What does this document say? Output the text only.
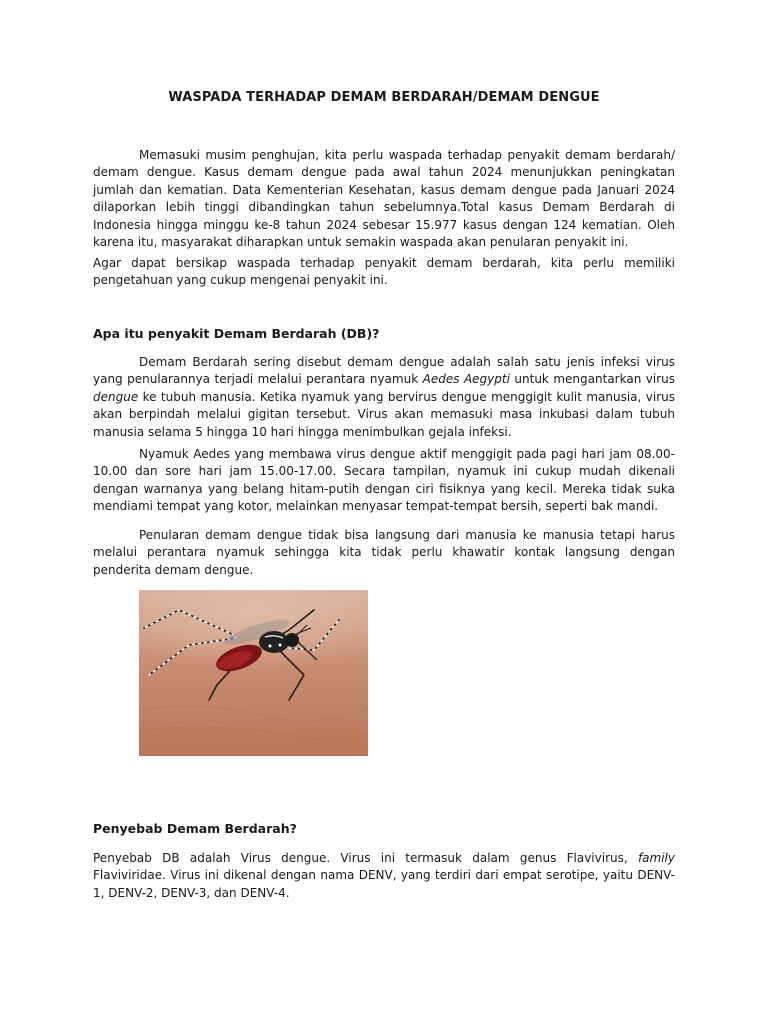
WASPADA TERHADAP DEMAM BERDARAH/DEMAM DENGUE

Memasuki musim penghujan, kita perlu waspada terhadap penyakit demam berdarah/ demam dengue. Kasus demam dengue pada awal tahun 2024 menunjukkan peningkatan jumlah dan kematian. Data Kementerian Kesehatan, kasus demam dengue pada Januari 2024 dilaporkan lebih tinggi dibandingkan tahun sebelumnya.Total kasus Demam Berdarah di Indonesia hingga minggu ke-8 tahun 2024 sebesar 15.977 kasus dengan 124 kematian. Oleh karena itu, masyarakat diharapkan untuk semakin waspada akan penularan penyakit ini.

Agar dapat bersikap waspada terhadap penyakit demam berdarah, kita perlu memiliki pengetahuan yang cukup mengenai penyakit ini.

Apa itu penyakit Demam Berdarah (DB)?

Demam Berdarah sering disebut demam dengue adalah salah satu jenis infeksi virus yang penularannya terjadi melalui perantara nyamuk Aedes Aegypti untuk mengantarkan virus dengue ke tubuh manusia. Ketika nyamuk yang bervirus dengue menggigit kulit manusia, virus akan berpindah melalui gigitan tersebut. Virus akan memasuki masa inkubasi dalam tubuh manusia selama 5 hingga 10 hari hingga menimbulkan gejala infeksi.

Nyamuk Aedes yang membawa virus dengue aktif menggigit pada pagi hari jam 08.00-10.00 dan sore hari jam 15.00-17.00. Secara tampilan, nyamuk ini cukup mudah dikenali dengan warnanya yang belang hitam-putih dengan ciri fisiknya yang kecil. Mereka tidak suka mendiami tempat yang kotor, melainkan menyasar tempat-tempat bersih, seperti bak mandi.

Penularan demam dengue tidak bisa langsung dari manusia ke manusia tetapi harus melalui perantara nyamuk sehingga kita tidak perlu khawatir kontak langsung dengan penderita demam dengue.

Penyebab Demam Berdarah?

Penyebab DB adalah Virus dengue. Virus ini termasuk dalam genus Flavivirus, family Flaviviridae. Virus ini dikenal dengan nama DENV, yang terdiri dari empat serotipe, yaitu DENV-1, DENV-2, DENV-3, dan DENV-4.
